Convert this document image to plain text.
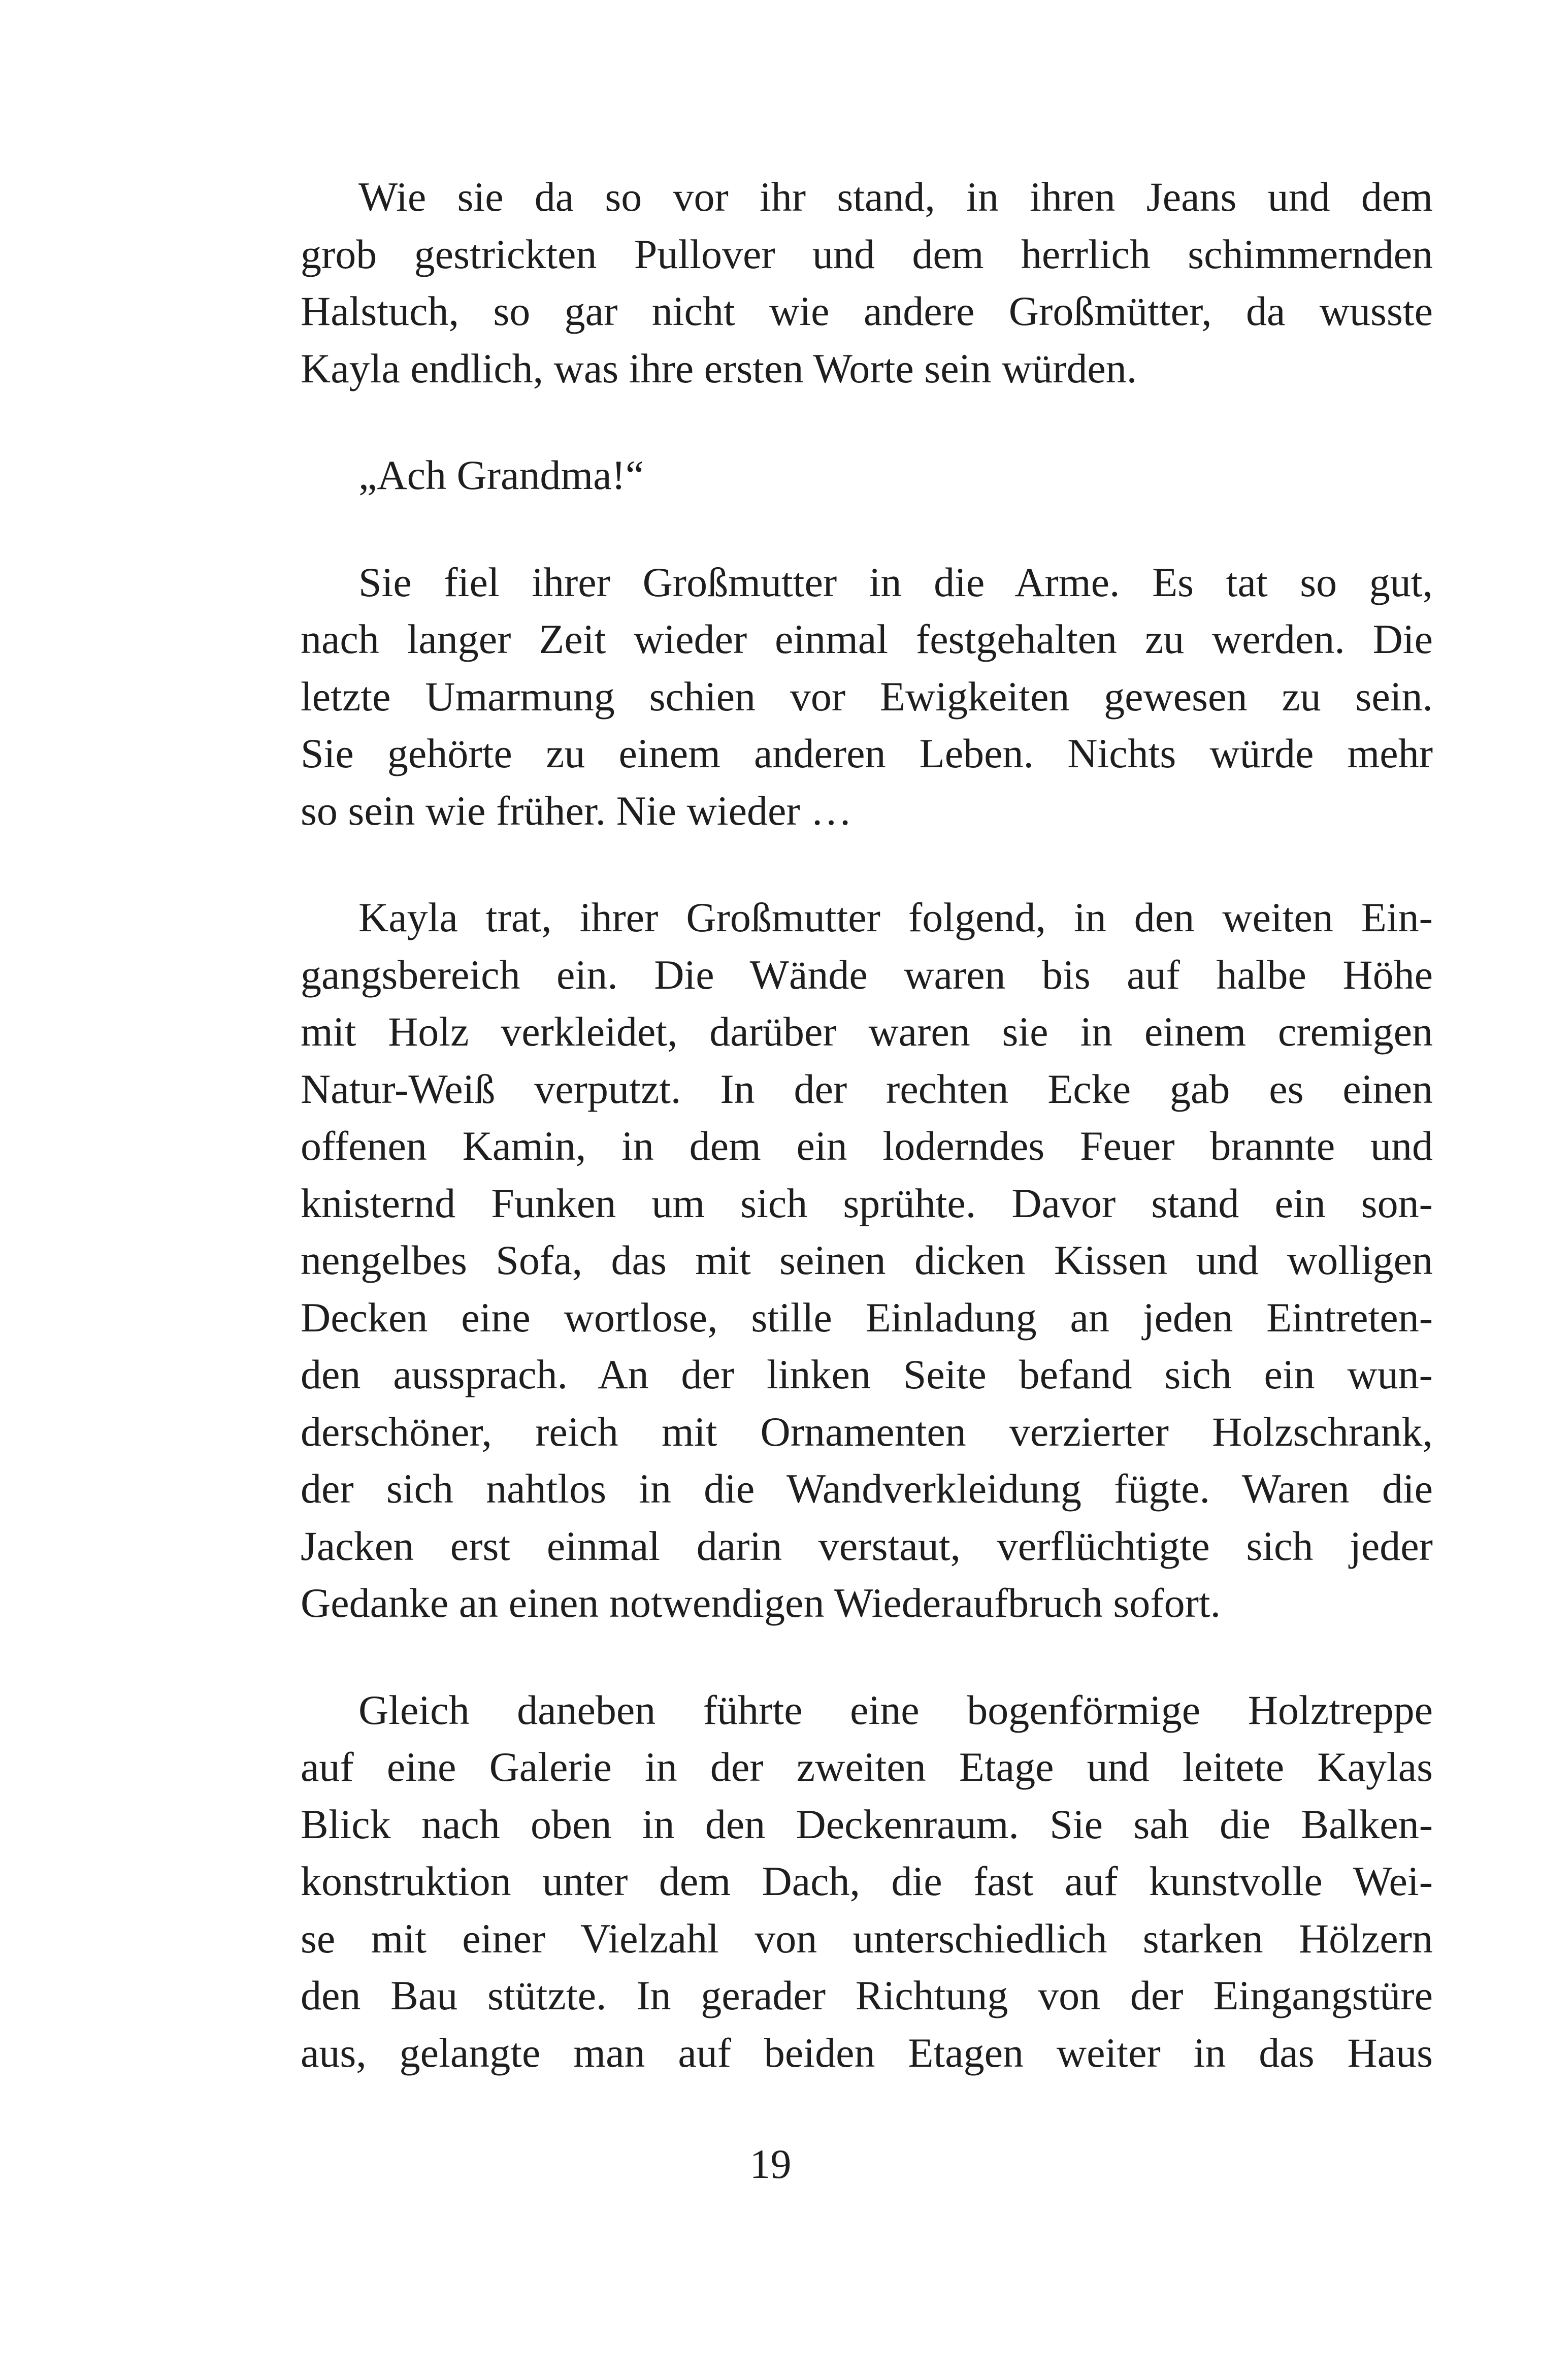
Wie sie da so vor ihr stand, in ihren Jeans und dem
grob gestrickten Pullover und dem herrlich schimmernden
Halstuch, so gar nicht wie andere Großmütter, da wusste
Kayla endlich, was ihre ersten Worte sein würden.
„Ach Grandma!“
Sie fiel ihrer Großmutter in die Arme. Es tat so gut,
nach langer Zeit wieder einmal festgehalten zu werden. Die
letzte Umarmung schien vor Ewigkeiten gewesen zu sein.
Sie gehörte zu einem anderen Leben. Nichts würde mehr
so sein wie früher. Nie wieder …
Kayla trat, ihrer Großmutter folgend, in den weiten Ein-
gangsbereich ein. Die Wände waren bis auf halbe Höhe
mit Holz verkleidet, darüber waren sie in einem cremigen
Natur-Weiß verputzt. In der rechten Ecke gab es einen
offenen Kamin, in dem ein loderndes Feuer brannte und
knisternd Funken um sich sprühte. Davor stand ein son-
nengelbes Sofa, das mit seinen dicken Kissen und wolligen
Decken eine wortlose, stille Einladung an jeden Eintreten-
den aussprach. An der linken Seite befand sich ein wun-
derschöner, reich mit Ornamenten verzierter Holzschrank,
der sich nahtlos in die Wandverkleidung fügte. Waren die
Jacken erst einmal darin verstaut, verflüchtigte sich jeder
Gedanke an einen notwendigen Wiederaufbruch sofort.
Gleich daneben führte eine bogenförmige Holztreppe
auf eine Galerie in der zweiten Etage und leitete Kaylas
Blick nach oben in den Deckenraum. Sie sah die Balken-
konstruktion unter dem Dach, die fast auf kunstvolle Wei-
se mit einer Vielzahl von unterschiedlich starken Hölzern
den Bau stützte. In gerader Richtung von der Eingangstüre
aus, gelangte man auf beiden Etagen weiter in das Haus
19
